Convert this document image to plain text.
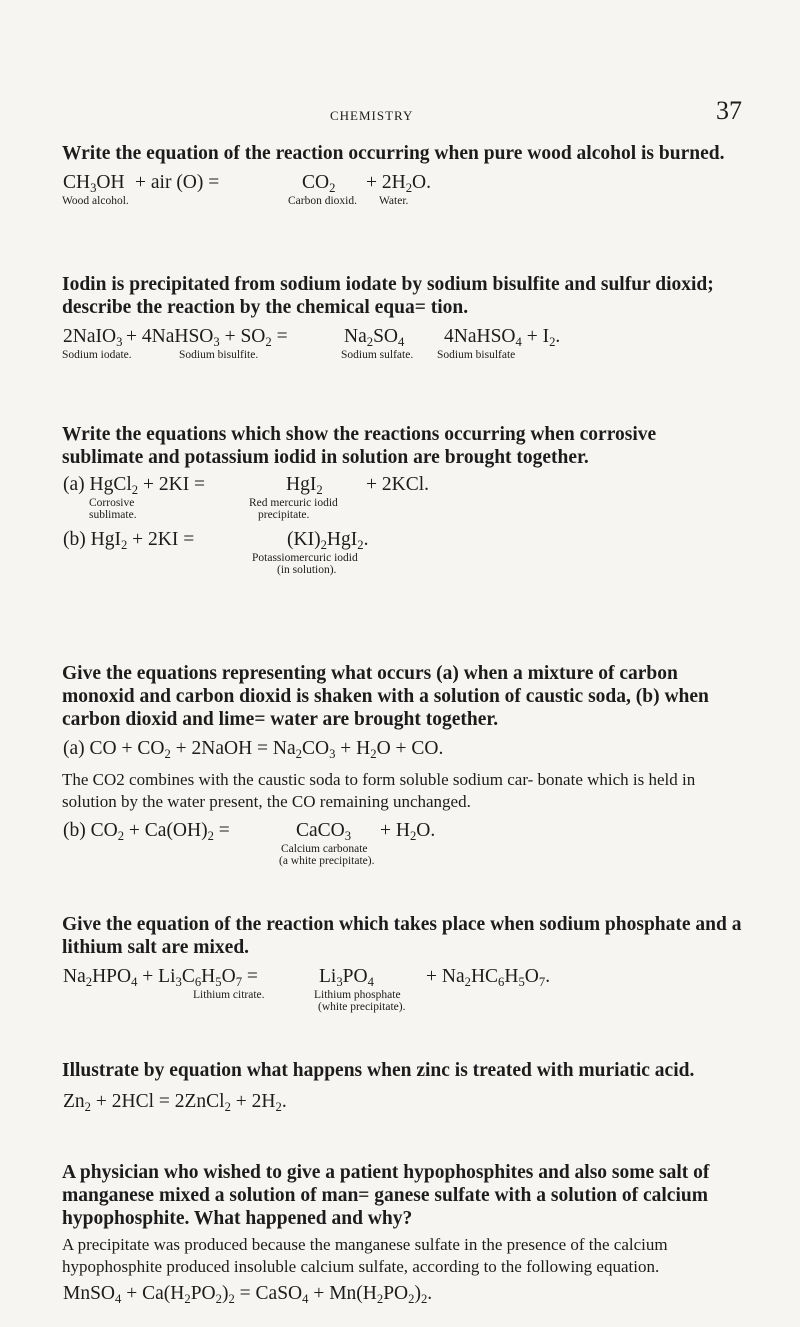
CHEMISTRY	37

Write the equation of the reaction occurring when pure wood alcohol is burned.

$CH_3OH$ + air (O) =	$CO_2 + 2H_2O$.
Wood alcohol.	Carbon dioxid. Water.

Iodin is precipitated from sodium iodate by sodium bisulfite and sulfur dioxid; describe the reaction by the chemical equa= tion.

2NaIO$_3$ + 4NaHSO$_3$ + $SO_2$ =	$Na_2SO_4$ 4NaHSO$_4$ + $I_2$.
Sodium iodate.	Sodium bisulfite.	Sodium sulfate. Sodium bisulfate

Write the equations which show the reactions occurring when corrosive sublimate and potassium iodid in solution are brought together.

(a) HgCl$_2$ + 2KI =	HgI$_2$ + 2KCl.
Corrosive
sublimate.
Red mercuric iodid
precipitate.
(b) HgI$_2$ + 2KI =	$(KI)_2HgI_2$.
Potassiomercuric iodid
(in solution).

Give the equations representing what occurs (a) when a mixture of carbon monoxid and carbon dioxid is shaken with a solution of caustic soda, (b) when carbon dioxid and lime= water are brought together.

(a) CO + $CO_2$ + 2NaOH = $Na_2CO_3 + H_2O$ + CO.

The CO2 combines with the caustic soda to form soluble sodium car- bonate which is held in solution by the water present, the CO remaining unchanged.

(b) $CO_2 + Ca(OH)_2$ =	CaCO$_3$ + $H_2O$.
Calcium carbonate
(a white precipitate).

Give the equation of the reaction which takes place when sodium phosphate and a lithium salt are mixed.

$Na_2HPO_4 + Li_3C_6H_5O_7$ =	$Li_3PO_4$	+ $Na_2HC_6H_5O_7$.
Lithium citrate.	Lithium phosphate
(white precipitate).

Illustrate by equation what happens when zinc is treated with muriatic acid.

$Zn_2 + 2HCl$ = 2ZnCl$_2$ + $2H_2$.

A physician who wished to give a patient hypophosphites and also some salt of manganese mixed a solution of man= ganese sulfate with a solution of calcium hypophosphite. What happened and why?

A precipitate was produced because the manganese sulfate in the presence of the calcium hypophosphite produced insoluble calcium sulfate, according to the following equation.

MnSO$_4$ + $Ca(H_2PO_2)_2$ = CaSO$_4$ + $Mn(H_2PO_2)_2$.
